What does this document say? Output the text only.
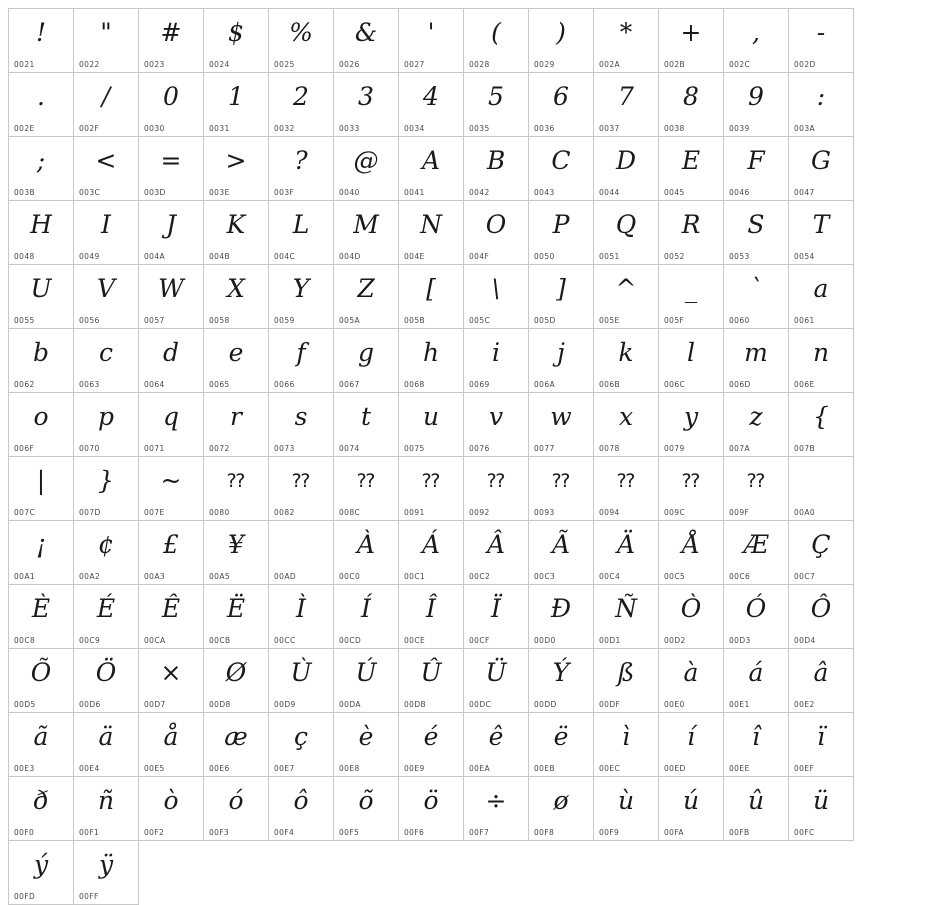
!
0021
"
0022
#
0023
$
0024
%
0025
&
0026
'
0027
(
0028
)
0029
*
002A
+
002B
,
002C
-
002D
.
002E
/
002F
0
0030
1
0031
2
0032
3
0033
4
0034
5
0035
6
0036
7
0037
8
0038
9
0039
:
003A
;
003B
<
003C
=
003D
>
003E
?
003F
@
0040
A
0041
B
0042
C
0043
D
0044
E
0045
F
0046
G
0047
H
0048
I
0049
J
004A
K
004B
L
004C
M
004D
N
004E
O
004F
P
0050
Q
0051
R
0052
S
0053
T
0054
U
0055
V
0056
W
0057
X
0058
Y
0059
Z
005A
[
005B
\
005C
]
005D
^
005E
_
005F
`
0060
a
0061
b
0062
c
0063
d
0064
e
0065
f
0066
g
0067
h
0068
i
0069
j
006A
k
006B
l
006C
m
006D
n
006E
o
006F
p
0070
q
0071
r
0072
s
0073
t
0074
u
0075
v
0076
w
0077
x
0078
y
0079
z
007A
{
007B
|
007C
}
007D
~
007E
⁇
0080
⁇
0082
⁇
008C
⁇
0091
⁇
0092
⁇
0093
⁇
0094
⁇
009C
⁇
009F	00A0
¡
00A1
¢
00A2
£
00A3
¥
00A5	00AD
À
00C0
Á
00C1
Â
00C2
Ã
00C3
Ä
00C4
Å
00C5
Æ
00C6
Ç
00C7
È
00C8
É
00C9
Ê
00CA
Ë
00CB
Ì
00CC
Í
00CD
Î
00CE
Ï
00CF
Ð
00D0
Ñ
00D1
Ò
00D2
Ó
00D3
Ô
00D4
Õ
00D5
Ö
00D6
×
00D7
Ø
00D8
Ù
00D9
Ú
00DA
Û
00DB
Ü
00DC
Ý
00DD
ß
00DF
à
00E0
á
00E1
â
00E2
ã
00E3
ä
00E4
å
00E5
æ
00E6
ç
00E7
è
00E8
é
00E9
ê
00EA
ë
00EB
ì
00EC
í
00ED
î
00EE
ï
00EF
ð
00F0
ñ
00F1
ò
00F2
ó
00F3
ô
00F4
õ
00F5
ö
00F6
÷
00F7
ø
00F8
ù
00F9
ú
00FA
û
00FB
ü
00FC
ý
00FD
ÿ
00FF
